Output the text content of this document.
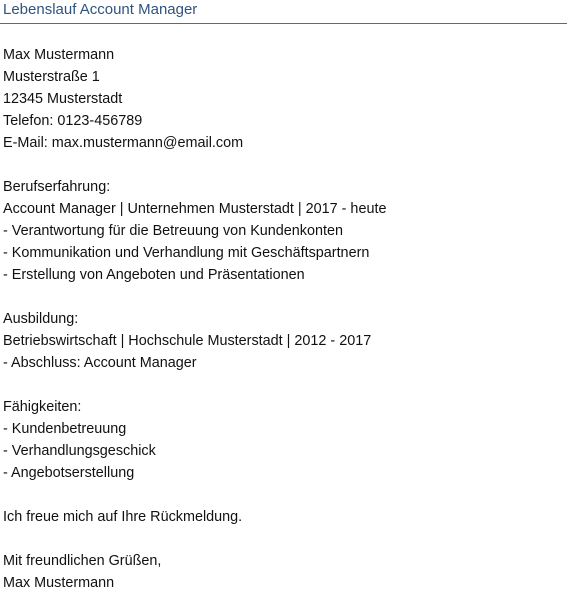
Lebenslauf Account Manager
Max Mustermann
Musterstraße 1
12345 Musterstadt
Telefon: 0123-456789
E-Mail: max.mustermann@email.com
Berufserfahrung:
Account Manager | Unternehmen Musterstadt | 2017 - heute
- Verantwortung für die Betreuung von Kundenkonten
- Kommunikation und Verhandlung mit Geschäftspartnern
- Erstellung von Angeboten und Präsentationen
Ausbildung:
Betriebswirtschaft | Hochschule Musterstadt | 2012 - 2017
- Abschluss: Account Manager
Fähigkeiten:
- Kundenbetreuung
- Verhandlungsgeschick
- Angebotserstellung
Ich freue mich auf Ihre Rückmeldung.
Mit freundlichen Grüßen,
Max Mustermann
